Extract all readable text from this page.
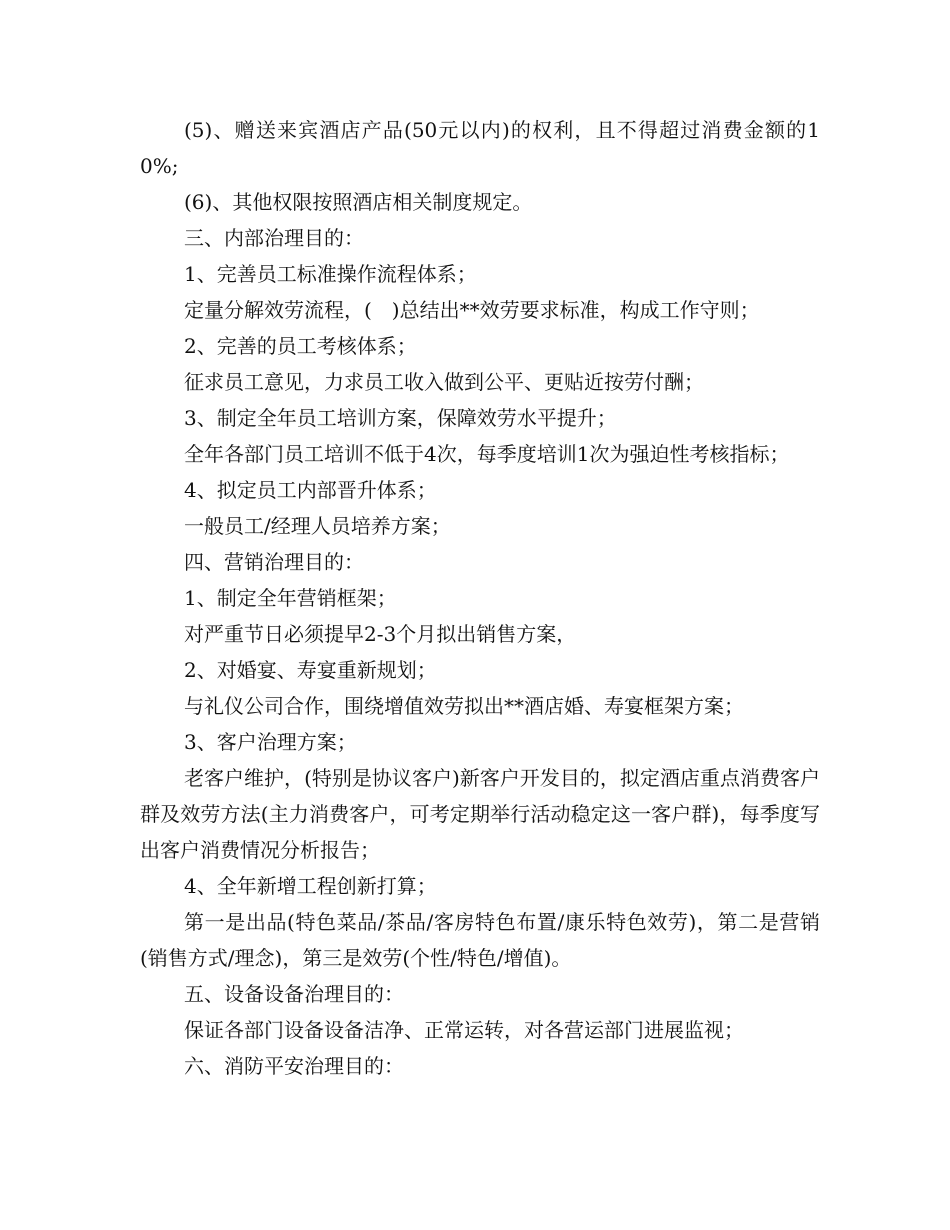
(5)、赠送来宾酒店产品(50元以内)的权利，且不得超过消费金额的10%;

(6)、其他权限按照酒店相关制度规定。

三、内部治理目的：

1、完善员工标准操作流程体系；

定量分解效劳流程，(　)总结出**效劳要求标准，构成工作守则；

2、完善的员工考核体系；

征求员工意见，力求员工收入做到公平、更贴近按劳付酬；

3、制定全年员工培训方案，保障效劳水平提升；

全年各部门员工培训不低于4次，每季度培训1次为强迫性考核指标；

4、拟定员工内部晋升体系；

一般员工/经理人员培养方案；

四、营销治理目的：

1、制定全年营销框架；

对严重节日必须提早2-3个月拟出销售方案，

2、对婚宴、寿宴重新规划；

与礼仪公司合作，围绕增值效劳拟出**酒店婚、寿宴框架方案；

3、客户治理方案；

老客户维护，(特别是协议客户)新客户开发目的，拟定酒店重点消费客户群及效劳方法(主力消费客户，可考定期举行活动稳定这一客户群)，每季度写出客户消费情况分析报告；

4、全年新增工程创新打算；

第一是出品(特色菜品/茶品/客房特色布置/康乐特色效劳)，第二是营销(销售方式/理念)，第三是效劳(个性/特色/增值)。

五、设备设备治理目的：

保证各部门设备设备洁净、正常运转，对各营运部门进展监视；

六、消防平安治理目的：
